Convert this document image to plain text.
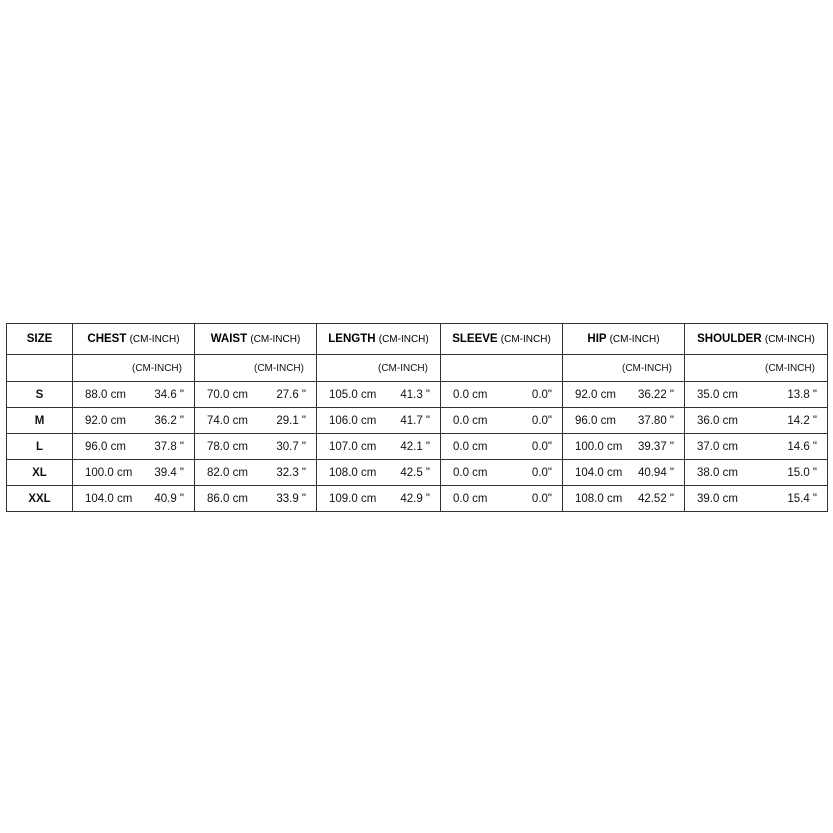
SIZE	CHEST (CM-INCH)	WAIST (CM-INCH)	LENGTH (CM-INCH)	SLEEVE (CM-INCH)	HIP (CM-INCH)	SHOULDER (CM-INCH)
	(CM-INCH)	(CM-INCH)	(CM-INCH)		(CM-INCH)	(CM-INCH)
S	88.0 cm 34.6 "	70.0 cm 27.6 "	105.0 cm 41.3 "	0.0 cm 0.0"	92.0 cm 36.22 "	35.0 cm 13.8 "

M	92.0 cm 36.2 "	74.0 cm 29.1 "	106.0 cm 41.7 "	0.0 cm 0.0"	96.0 cm 37.80 "	36.0 cm 14.2 "

L	96.0 cm 37.8 "	78.0 cm 30.7 "	107.0 cm 42.1 "	0.0 cm 0.0"	100.0 cm 39.37 "	37.0 cm 14.6 "

XL	100.0 cm 39.4 "	82.0 cm 32.3 "	108.0 cm 42.5 "	0.0 cm 0.0"	104.0 cm 40.94 "	38.0 cm 15.0 "

XXL	104.0 cm 40.9 "	86.0 cm 33.9 "	109.0 cm 42.9 "	0.0 cm 0.0"	108.0 cm 42.52 "	39.0 cm 15.4 "
